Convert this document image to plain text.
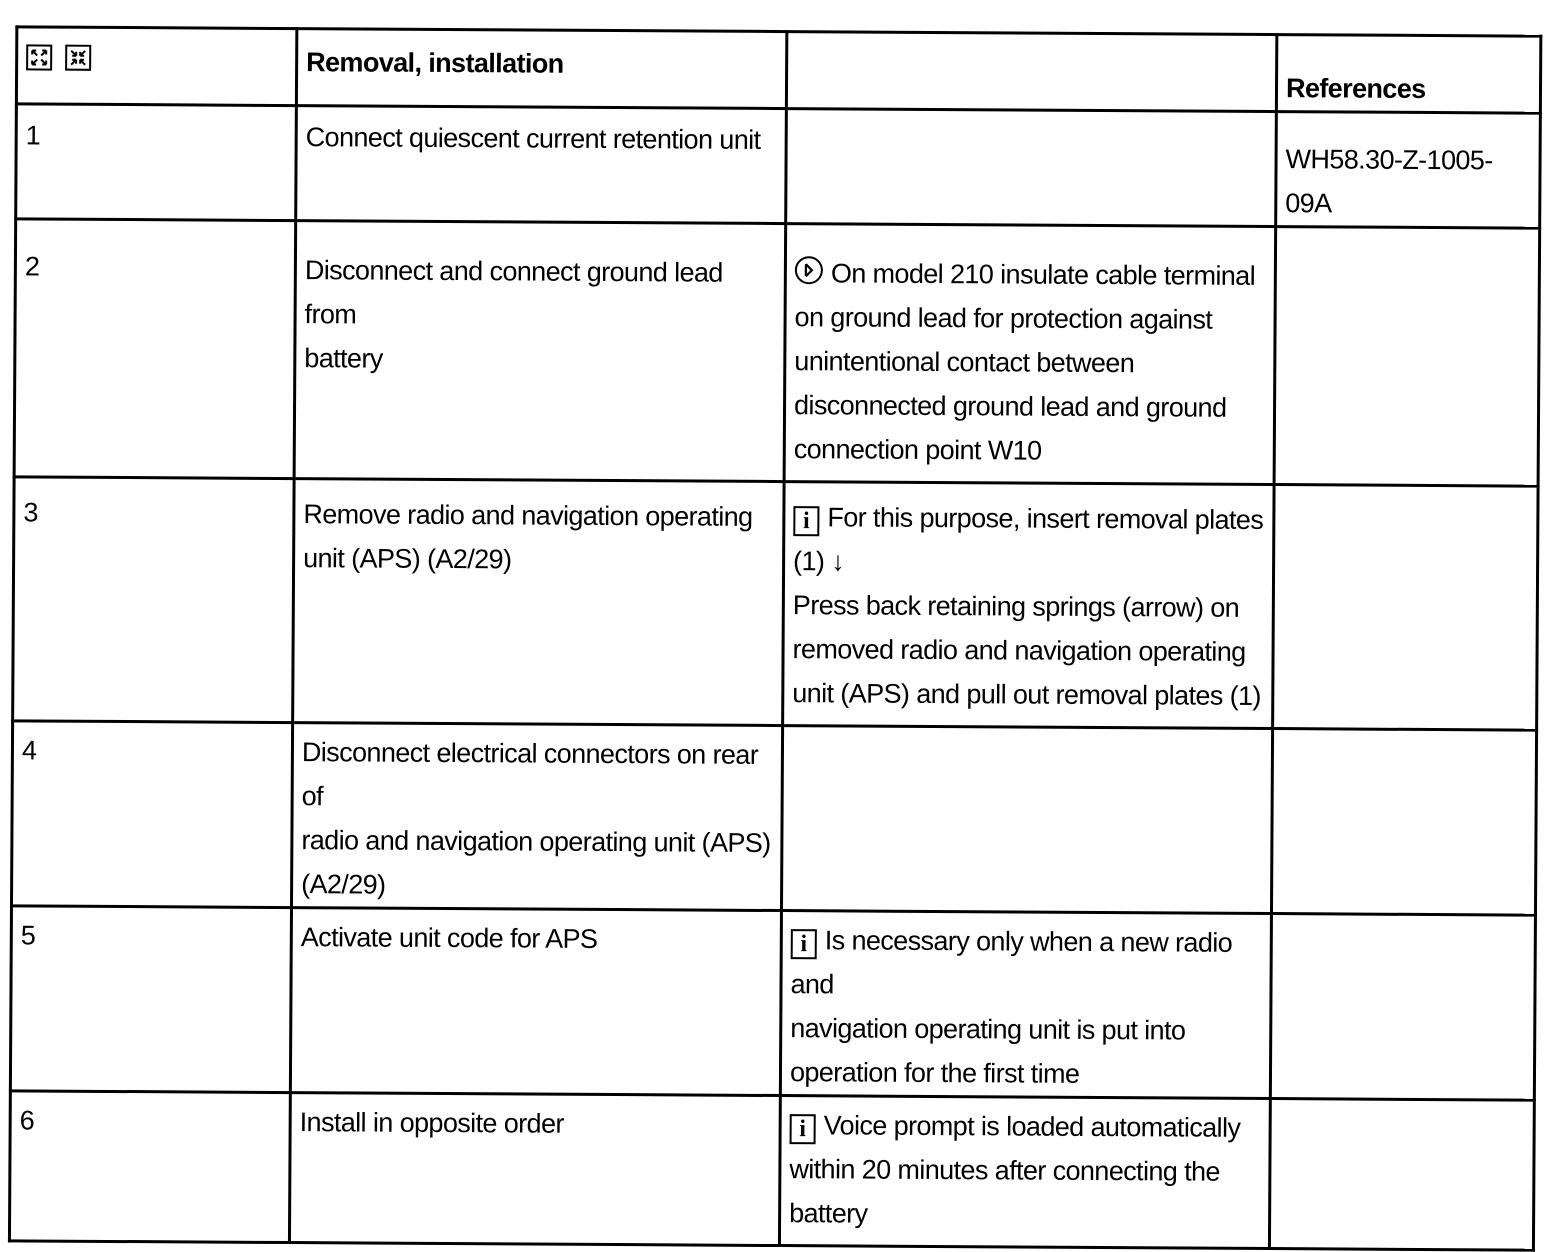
	Removal, installation		References
1	Connect quiescent current retention unit		WH58.30-Z-1005-09A
2	Disconnect and connect ground lead from
battery	On model 210 insulate cable terminal
on ground lead for protection against
unintentional contact between
disconnected ground lead and ground
connection point W10	

3	Remove radio and navigation operating
unit (APS) (A2/29)	i For this purpose, insert removal plates
(1) ↓
Press back retaining springs (arrow) on
removed radio and navigation operating
unit (APS) and pull out removal plates (1)	

4	Disconnect electrical connectors on rear of
radio and navigation operating unit (APS)
(A2/29)		

5	Activate unit code for APS	i Is necessary only when a new radio and
navigation operating unit is put into
operation for the first time	

6	Install in opposite order	i Voice prompt is loaded automatically
within 20 minutes after connecting the
battery	
